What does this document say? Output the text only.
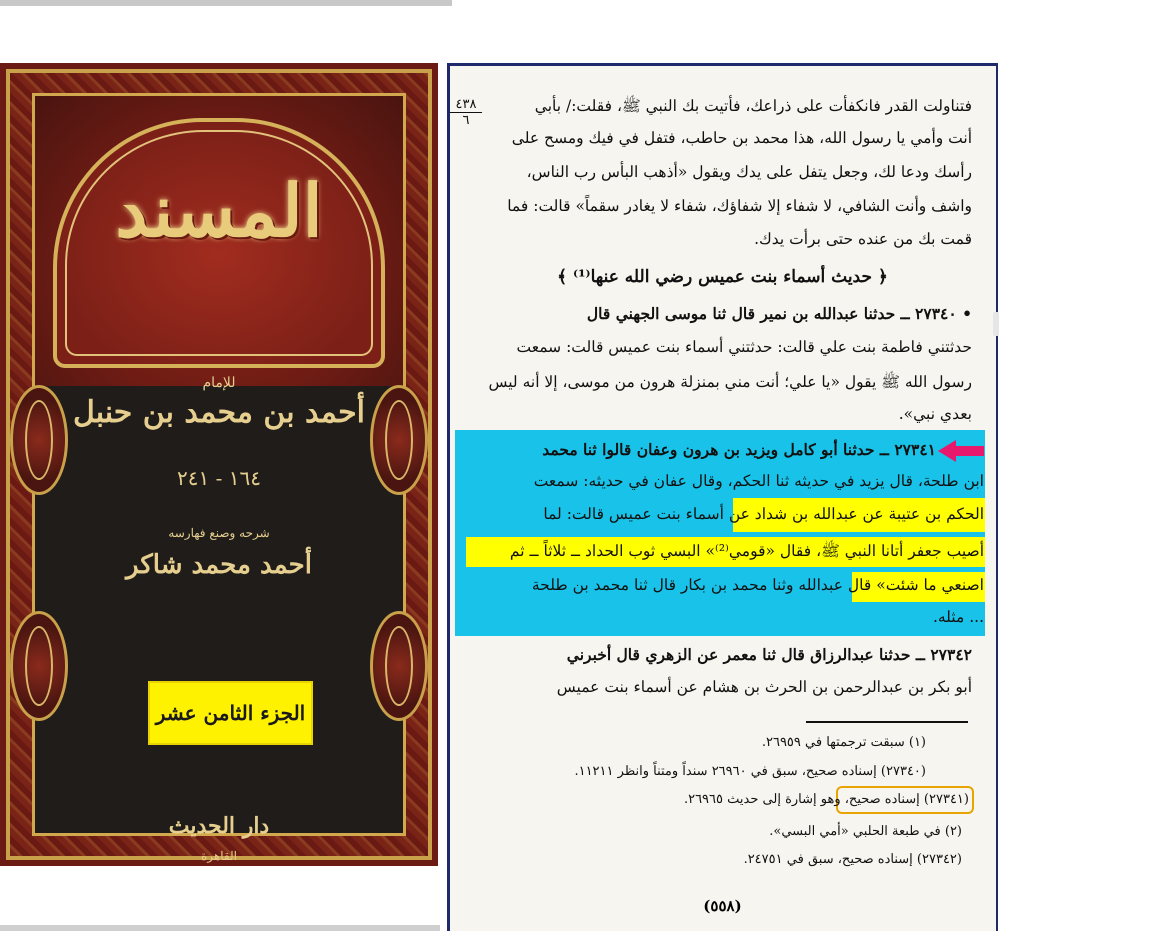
المسند
للإمام
أحمد بن محمد بن حنبل
١٦٤ - ٢٤١
شرحه وصنع فهارسه
أحمد محمد شاكر
الجزء الثامن عشر
دار الحديث
القاهرة
٤٣٨
٦
فتناولت القدر فانكفأت على ذراعك، فأتيت بك النبي ﷺ، فقلت:/ بأبي
أنت وأمي يا رسول الله، هذا محمد بن حاطب، فتفل في فيك ومسح على
رأسك ودعا لك، وجعل يتفل على يدك ويقول «أذهب البأس رب الناس،
واشف وأنت الشافي، لا شفاء إلا شفاؤك، شفاء لا يغادر سقماً» قالت: فما
قمت بك من عنده حتى برأت يدك.
﴿ حديث أسماء بنت عميس رضي الله عنها⁽¹⁾ ﴾
• ٢٧٣٤٠ ــ حدثنا عبدالله بن نمير قال ثنا موسى الجهني قال
حدثتني فاطمة بنت علي قالت: حدثتني أسماء بنت عميس قالت: سمعت
رسول الله ﷺ يقول «يا علي؛ أنت مني بمنزلة هرون من موسى، إلا أنه ليس
بعدي نبي».
٢٧٣٤١ ــ حدثنا أبو كامل ويزيد بن هرون وعفان قالوا ثنا محمد
ابن طلحة، قال يزيد في حديثه ثنا الحكم، وقال عفان في حديثه: سمعت
الحكم بن عتيبة عن عبدالله بن شداد عن أسماء بنت عميس قالت: لما
أصيب جعفر أتانا النبي ﷺ، فقال «قومي⁽²⁾» البسي ثوب الحداد ــ ثلاثاً ــ ثم
اصنعي ما شئت» قال عبدالله وثنا محمد بن بكار قال ثنا محمد بن طلحة
... مثله.
٢٧٣٤٢ ــ حدثنا عبدالرزاق قال ثنا معمر عن الزهري قال أخبرني
أبو بكر بن عبدالرحمن بن الحرث بن هشام عن أسماء بنت عميس
(١) سبقت ترجمتها في ٢٦٩٥٩.
(٢٧٣٤٠) إسناده صحيح، سبق في ٢٦٩٦٠ سنداً ومتناً وانظر ١١٢١١.
(٢٧٣٤١) إسناده صحيح، وهو إشارة إلى حديث ٢٦٩٦٥.
(٢) في طبعة الحلبي «أمي البسي».
(٢٧٣٤٢) إسناده صحيح، سبق في ٢٤٧٥١.
(٥٥٨)
